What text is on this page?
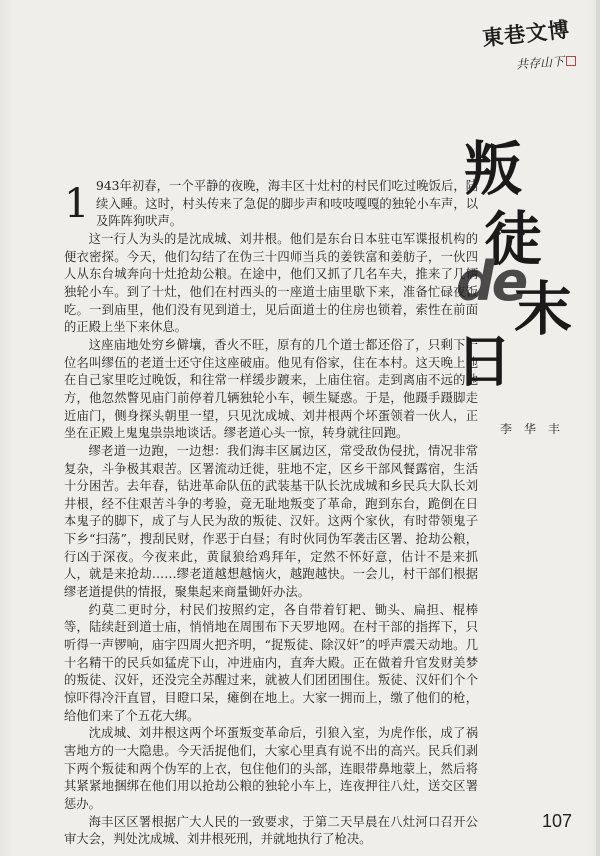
東巷文博
共存山下
叛
徒
de
末
日
李华丰

1 943年初春，一个平静的夜晚，海丰区十灶村的村民们吃过晚饭后，陆续入睡。这时，村头传来了急促的脚步声和吱吱嘎嘎的独轮小车声，以及阵阵狗吠声。

这一行人为头的是沈成城、刘井根。他们是东台日本驻屯军谍报机构的便衣密探。今天，他们勾结了在伪三十四师当兵的姜铁富和姜舫子，一伙四人从东台城奔向十灶抢劫公粮。在途中，他们又抓了几名车夫，推来了几辆独轮小车。到了十灶，他们在村西头的一座道士庙里歇下来，准备忙碌夜饭吃。一到庙里，他们没有见到道士，见后面道士的住房也锁着，索性在前面的正殿上坐下来休息。

这座庙地处穷乡僻壤，香火不旺，原有的几个道士都还俗了，只剩下一位名叫缪伍的老道士还守住这座破庙。他见有俗家，住在本村。这天晚上他在自己家里吃过晚饭，和往常一样缓步踱来，上庙住宿。走到离庙不远的地方，他忽然瞥见庙门前停着几辆独轮小车，顿生疑惑。于是，他蹑手蹑脚走近庙门，侧身探头朝里一望，只见沈成城、刘井根两个坏蛋领着一伙人，正坐在正殿上鬼鬼祟祟地谈话。缪老道心头一惊，转身就往回跑。

缪老道一边跑，一边想：我们海丰区属边区，常受敌伪侵扰，情况非常复杂，斗争极其艰苦。区署流动迁徙，驻地不定，区乡干部风餐露宿，生活十分困苦。去年春，钻进革命队伍的武装基干队长沈成城和乡民兵大队长刘井根，经不住艰苦斗争的考验，竟无耻地叛变了革命，跑到东台，跪倒在日本鬼子的脚下，成了与人民为敌的叛徒、汉奸。这两个家伙，有时带领鬼子下乡“扫荡”，搜刮民财，作恶于白昼；有时伙同伪军袭击区署、抢劫公粮，行凶于深夜。今夜来此，黄鼠狼给鸡拜年，定然不怀好意，估计不是来抓人，就是来抢劫……缪老道越想越恼火，越跑越快。一会儿，村干部们根据缪老道提供的情报，聚集起来商量锄奸办法。

约莫二更时分，村民们按照约定，各自带着钉耙、锄头、扁担、棍棒等，陆续赶到道士庙，悄悄地在周围布下天罗地网。在村干部的指挥下，只听得一声锣响，庙宇四周火把齐明，“捉叛徒、除汉奸”的呼声震天动地。几十名精干的民兵如猛虎下山，冲进庙内，直奔大殿。正在做着升官发财美梦的叛徒、汉奸，还没完全苏醒过来，就被人们团团围住。叛徒、汉奸们个个惊吓得冷汗直冒，目瞪口呆，瘫倒在地上。大家一拥而上，缴了他们的枪，给他们来了个五花大绑。

沈成城、刘井根这两个坏蛋叛变革命后，引狼入室，为虎作伥，成了祸害地方的一大隐患。今天活捉他们，大家心里真有说不出的高兴。民兵们剥下两个叛徒和两个伪军的上衣，包住他们的头部，连眼带鼻地蒙上，然后将其紧紧地捆绑在他们用以抢劫公粮的独轮小车上，连夜押往八灶，送交区署惩办。

海丰区区署根据广大人民的一致要求，于第二天早晨在八灶河口召开公审大会，判处沈成城、刘井根死刑，并就地执行了枪决。

107
